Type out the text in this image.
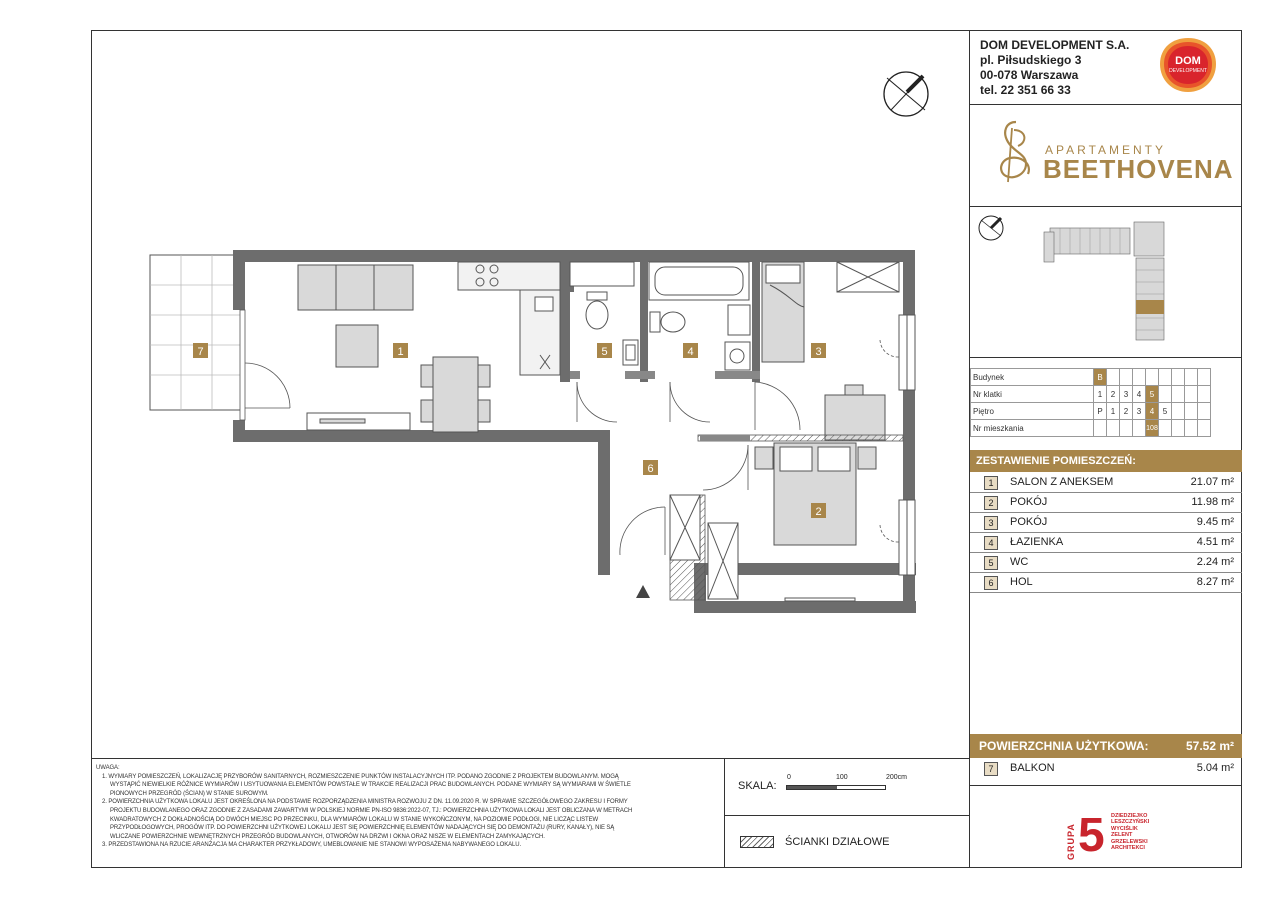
DOM DEVELOPMENT S.A.
pl. Piłsudskiego 3
00-078 Warszawa
tel. 22 351 66 33
DOM
DEVELOPMENT
APARTAMENTY
BEETHOVENA
Budynek	B								
Nr klatki	1	2	3	4	5				
Piętro	P	1	2	3	4	5			
Nr mieszkania					108				
ZESTAWIENIE POMIESZCZEŃ:
1	SALON Z ANEKSEM	21.07 m²
2	POKÓJ	11.98 m²
3	POKÓJ	9.45 m²
4	ŁAZIENKA	4.51 m²
5	WC	2.24 m²
6	HOL	8.27 m²
POWIERZCHNIA UŻYTKOWA:	57.52 m²
7	BALKON	5.04 m²
GRUPA 5 DZIEDZIEJKO
LESZCZYŃSKI
WYCIŚLIK
ZELENT
GRZELEWSKI
ARCHITEKCI

UWAGA:

1. WYMIARY POMIESZCZEŃ, LOKALIZACJĘ PRZYBORÓW SANITARNYCH, ROZMIESZCZENIE PUNKTÓW INSTALACYJNYCH ITP. PODANO ZGODNIE Z PROJEKTEM BUDOWLANYM. MOGĄ

WYSTĄPIĆ NIEWIELKIE RÓŻNICE WYMIARÓW I USYTUOWANIA ELEMENTÓW POWSTAŁE W TRAKCIE REALIZACJI PRAC BUDOWLANYCH. PODANE WYMIARY SĄ WYMIARAMI W ŚWIETLE

PIONOWYCH PRZEGRÓD (ŚCIAN) W STANIE SUROWYM.

2. POWIERZCHNIA UŻYTKOWA LOKALU JEST OKREŚLONA NA PODSTAWIE ROZPORZĄDZENIA MINISTRA ROZWOJU Z DN. 11.09.2020 R. W SPRAWIE SZCZEGÓŁOWEGO ZAKRESU I FORMY

PROJEKTU BUDOWLANEGO ORAZ ZGODNIE Z ZASADAMI ZAWARTYMI W POLSKIEJ NORMIE PN-ISO 9836:2022-07, TJ.: POWIERZCHNIA UŻYTKOWA LOKALI JEST OBLICZANA W METRACH

KWADRATOWYCH Z DOKŁADNOŚCIĄ DO DWÓCH MIEJSC PO PRZECINKU, DLA WYMIARÓW LOKALU W STANIE WYKOŃCZONYM, NA POZIOMIE PODŁOGI, NIE LICZĄC LISTEW

PRZYPODŁOGOWYCH, PROGÓW ITP. DO POWIERZCHNI UŻYTKOWEJ LOKALU JEST SIĘ POWIERZCHNIĘ ELEMENTÓW NADAJĄCYCH SIĘ DO DEMONTAŻU (RURY, KANAŁY), NIE SĄ

WLICZANE POWIERZCHNIE WEWNĘTRZNYCH PRZEGRÓD BUDOWLANYCH, OTWORÓW NA DRZWI I OKNA ORAZ NISZE W ELEMENTACH ZAMYKAJĄCYCH.

3. PRZEDSTAWIONA NA RZUCIE ARANŻACJA MA CHARAKTER PRZYKŁADOWY, UMEBLOWANIE NIE STANOWI WYPOSAŻENIA NABYWANEGO LOKALU.

SKALA:
0	100	200cm
ŚCIANKI DZIAŁOWE
1
2
3
4
5
6
7
